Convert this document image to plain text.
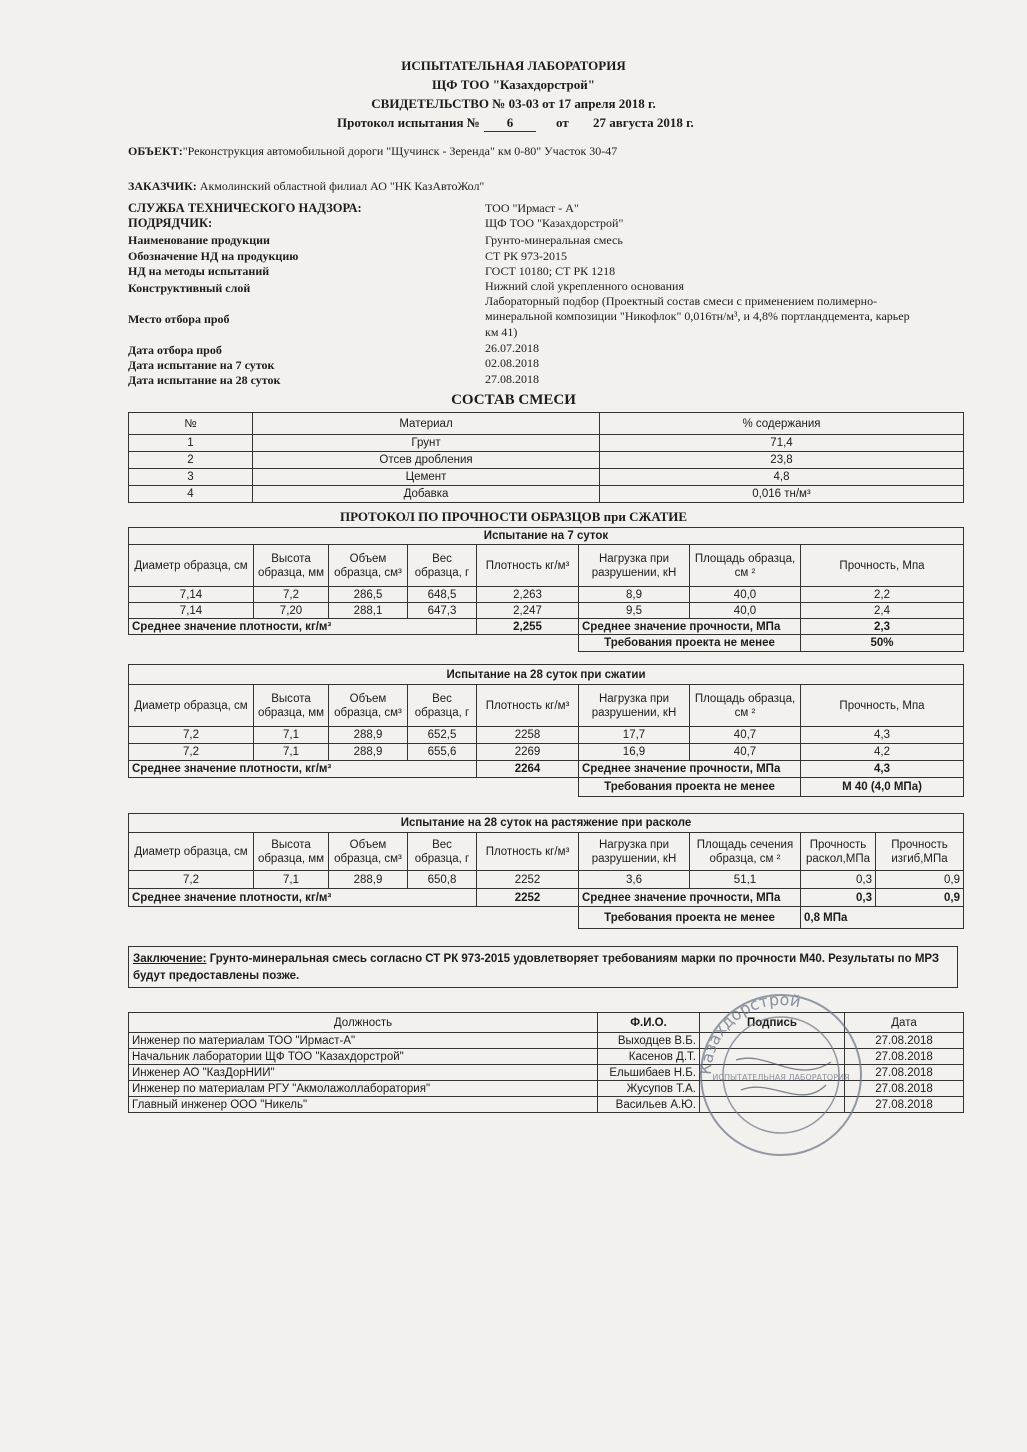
ИСПЫТАТЕЛЬНАЯ ЛАБОРАТОРИЯ
ЩФ ТОО "Казахдорстрой"
СВИДЕТЕЛЬСТВО № 03-03 от 17 апреля 2018 г.
Протокол испытания №	6	от 27 августа 2018 г.
ОБЪЕКТ:"Реконструкция автомобильной дороги "Щучинск - Зеренда" км 0-80" Участок 30-47
ЗАКАЗЧИК: Акмолинский областной филиал АО "НК КазАвтоЖол"
СЛУЖБА ТЕХНИЧЕСКОГО НАДЗОРА:	ТОО "Ирмаст - А"
ПОДРЯДЧИК:	ЩФ ТОО "Казахдорстрой"
Наименование продукции	Грунто-минеральная смесь
Обозначение НД на продукцию	СТ РК 973-2015
НД на методы испытаний	ГОСТ 10180; СТ РК 1218
Конструктивный слой	Нижний слой укрепленного основания
Лабораторный подбор (Проектный состав смеси с применением полимерно-
Место отбора проб	минеральной композиции "Никофлок" 0,016тн/м³, и 4,8% портландцемента, карьер
км 41)
Дата отбора проб	26.07.2018
Дата испытание на 7 суток	02.08.2018
Дата испытание на 28 суток	27.08.2018
СОСТАВ СМЕСИ
№	Материал	% содержания
1	Грунт	71,4
2	Отсев дробления	23,8
3	Цемент	4,8
4	Добавка	0,016 тн/м³
ПРОТОКОЛ ПО ПРОЧНОСТИ ОБРАЗЦОВ при СЖАТИЕ
Испытание на 7 суток							
Диаметр образца, см	Высота образца, мм	Объем образца, см³	Вес образца, г	Плотность кг/м³	Нагрузка при разрушении, кН	Площадь образца, см ²	Прочность, Мпа
7,14	7,2	286,5	648,5	2,263	8,9	40,0	2,2
7,14	7,20	288,1	647,3	2,247	9,5	40,0	2,4
Среднее значение плотности, кг/м³				2,255	Среднее значение прочности, МПа		2,3
					Требования проекта не менее		50%
Испытание на 28 суток при сжатии							
Диаметр образца, см	Высота образца, мм	Объем образца, см³	Вес образца, г	Плотность кг/м³	Нагрузка при разрушении, кН	Площадь образца, см ²	Прочность, Мпа
7,2	7,1	288,9	652,5	2258	17,7	40,7	4,3
7,2	7,1	288,9	655,6	2269	16,9	40,7	4,2
Среднее значение плотности, кг/м³				2264	Среднее значение прочности, МПа		4,3
					Требования проекта не менее		М 40 (4,0 МПа)
Испытание на 28 суток на растяжение при расколе								
Диаметр образца, см	Высота образца, мм	Объем образца, см³	Вес образца, г	Плотность кг/м³	Нагрузка при разрушении, кН	Площадь сечения образца, см ²	Прочность раскол,МПа	Прочность изгиб,МПа
7,2	7,1	288,9	650,8	2252	3,6	51,1	0,3	0,9
Среднее значение плотности, кг/м³				2252	Среднее значение прочности, МПа		0,3	0,9
					Требования проекта не менее		0,8 МПа	
Заключение: Грунто-минеральная смесь согласно СТ РК 973-2015 удовлетворяет требованиям марки по прочности М40. Результаты по МРЗ будут предоставлены позже.
Должность	Ф.И.О.	Подпись	Дата
Инженер по материалам ТОО "Ирмаст-А"	Выходцев В.Б.		27.08.2018
Начальник лаборатории ЩФ ТОО "Казахдорстрой"	Касенов Д.Т.		27.08.2018
Инженер АО "КазДорНИИ"	Ельшибаев Н.Б.		27.08.2018
Инженер по материалам РГУ "Акмолажоллаборатория"	Жусупов Т.А.		27.08.2018
Главный инженер ООО "Никель"	Васильев А.Ю.		27.08.2018
Казахдорстрой
ИСПЫТАТЕЛЬНАЯ ЛАБОРАТОРИЯ
